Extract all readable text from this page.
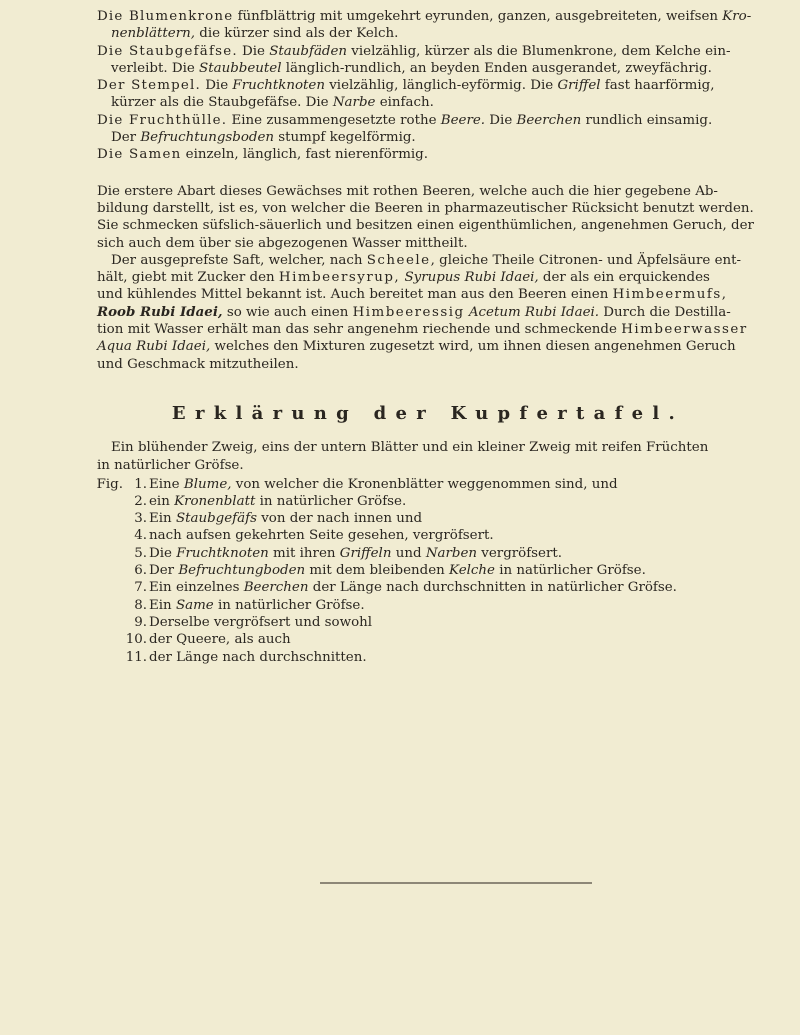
Die Blumenkrone fünfblättrig mit umgekehrt eyrunden, ganzen, ausgebreiteten, weifsen Kro-
nenblättern, die kürzer sind als der Kelch.

Die Staubgefäfse. Die Staubfäden vielzählig, kürzer als die Blumenkrone, dem Kelche ein-
verleibt. Die Staubbeutel länglich-rundlich, an beyden Enden ausgerandet, zweyfächrig.

Der Stempel. Die Fruchtknoten vielzählig, länglich-eyförmig. Die Griffel fast haarförmig,
kürzer als die Staubgefäfse. Die Narbe einfach.

Die Fruchthülle. Eine zusammengesetzte rothe Beere. Die Beerchen rundlich einsamig.
Der Befruchtungsboden stumpf kegelförmig.

Die Samen einzeln, länglich, fast nierenförmig.

Die erstere Abart dieses Gewächses mit rothen Beeren, welche auch die hier gegebene Ab-

bildung darstellt, ist es, von welcher die Beeren in pharmazeutischer Rücksicht benutzt werden.

Sie schmecken süfslich-säuerlich und besitzen einen eigenthümlichen, angenehmen Geruch, der

sich auch dem über sie abgezogenen Wasser mittheilt.

Der ausgeprefste Saft, welcher, nach Scheele, gleiche Theile Citronen- und Äpfelsäure ent-

hält, giebt mit Zucker den Himbeersyrup, Syrupus Rubi Idaei, der als ein erquickendes

und kühlendes Mittel bekannt ist. Auch bereitet man aus den Beeren einen Himbeermufs,

Roob Rubi Idaei, so wie auch einen Himbeeressig Acetum Rubi Idaei. Durch die Destilla-

tion mit Wasser erhält man das sehr angenehm riechende und schmeckende Himbeerwasser

Aqua Rubi Idaei, welches den Mixturen zugesetzt wird, um ihnen diesen angenehmen Geruch

und Geschmack mitzutheilen.

Erklärung der Kupfertafel.

Ein blühender Zweig, eins der untern Blätter und ein kleiner Zweig mit reifen Früchten

in natürlicher Gröfse.

Fig. 1. Eine Blume, von welcher die Kronenblätter weggenommen sind, und
2. ein Kronenblatt in natürlicher Gröfse.
3. Ein Staubgefäfs von der nach innen und
4. nach aufsen gekehrten Seite gesehen, vergröfsert.
5. Die Fruchtknoten mit ihren Griffeln und Narben vergröfsert.
6. Der Befruchtungboden mit dem bleibenden Kelche in natürlicher Gröfse.
7. Ein einzelnes Beerchen der Länge nach durchschnitten in natürlicher Gröfse.
8. Ein Same in natürlicher Gröfse.
9. Derselbe vergröfsert und sowohl
10. der Queere, als auch
11. der Länge nach durchschnitten.
